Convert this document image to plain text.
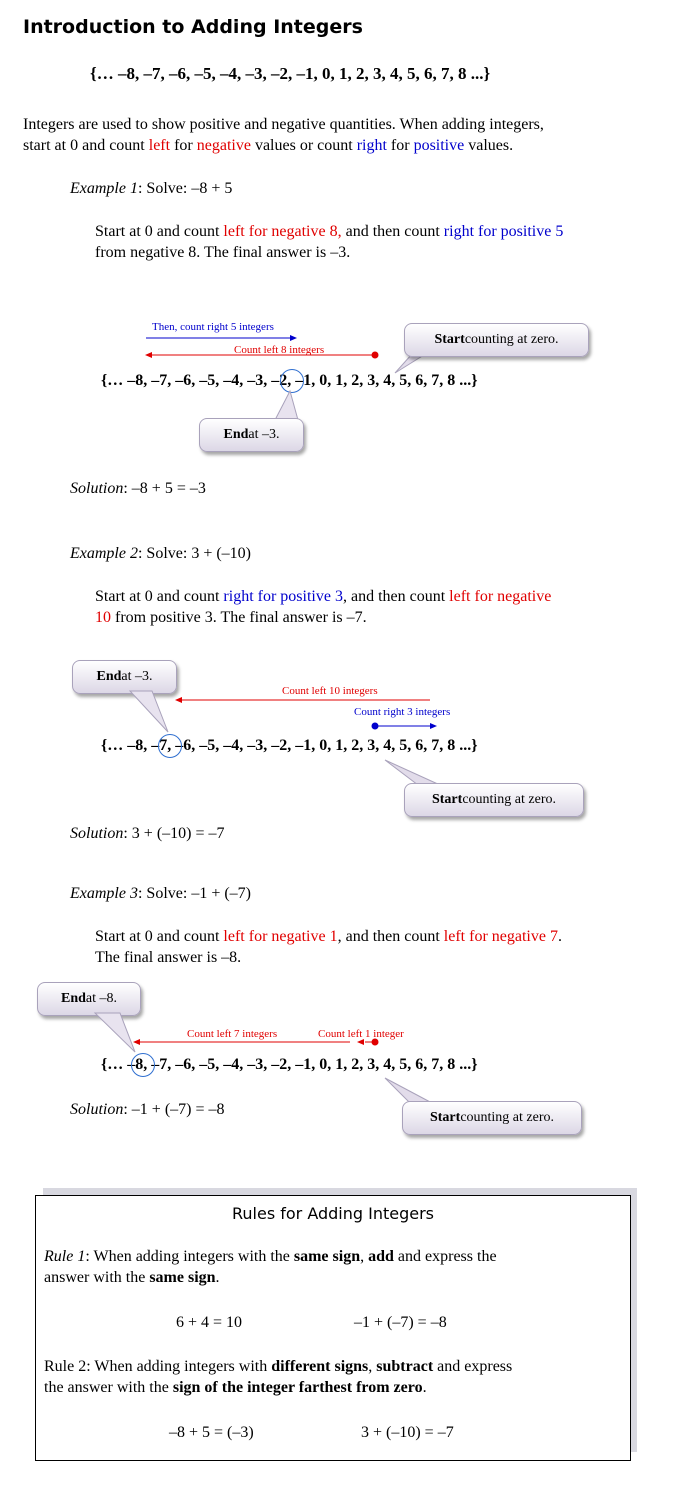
Introduction to Adding Integers
{… –8, –7, –6, –5, –4, –3, –2, –1, 0, 1, 2, 3, 4, 5, 6, 7, 8 ...}
Integers are used to show positive and negative quantities. When adding integers,
start at 0 and count left for negative values or count right for positive values.
Example 1: Solve: –8 + 5
Start at 0 and count left for negative 8, and then count right for positive 5
from negative 8. The final answer is –3.
Then, count right 5 integers
Count left 8 integers
Start counting at zero.
{… –8, –7, –6, –5, –4, –3, –2, –1, 0, 1, 2, 3, 4, 5, 6, 7, 8 ...}
End at –3.
Solution: –8 + 5 = –3
Example 2: Solve: 3 + (–10)
Start at 0 and count right for positive 3, and then count left for negative
10 from positive 3. The final answer is –7.
End at –3.
Count left 10 integers
Count right 3 integers
{… –8, –7, –6, –5, –4, –3, –2, –1, 0, 1, 2, 3, 4, 5, 6, 7, 8 ...}
Start counting at zero.
Solution: 3 + (–10) = –7
Example 3: Solve: –1 + (–7)
Start at 0 and count left for negative 1, and then count left for negative 7.
The final answer is –8.
End at –8.
Count left 7 integers	Count left 1 integer
{… –8, –7, –6, –5, –4, –3, –2, –1, 0, 1, 2, 3, 4, 5, 6, 7, 8 ...}
Solution: –1 + (–7) = –8	Start counting at zero.
Rules for Adding Integers
Rule 1: When adding integers with the same sign, add and express the
answer with the same sign.
6 + 4 = 10	–1 + (–7) = –8
Rule 2: When adding integers with different signs, subtract and express
the answer with the sign of the integer farthest from zero.
–8 + 5 = (–3)	3 + (–10) = –7
